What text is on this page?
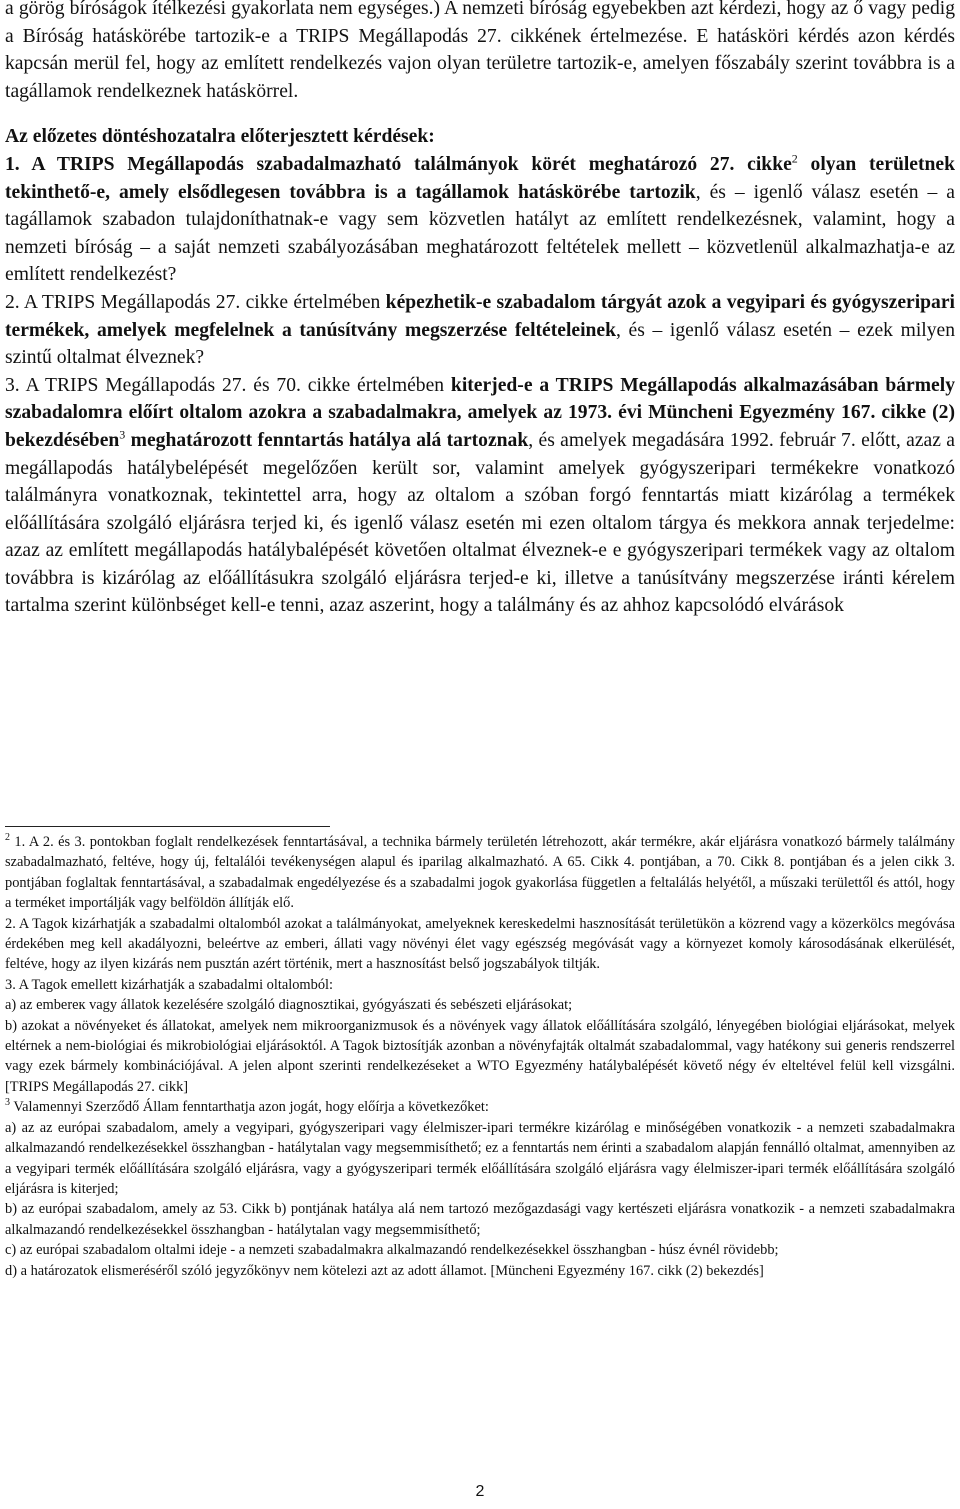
a görög bíróságok ítélkezési gyakorlata nem egységes.) A nemzeti bíróság egyebekben azt kérdezi, hogy az ő vagy pedig a Bíróság hatáskörébe tartozik-e a TRIPS Megállapodás 27. cikkének értelmezése. E hatásköri kérdés azon kérdés kapcsán merül fel, hogy az említett rendelkezés vajon olyan területre tartozik-e, amelyen főszabály szerint továbbra is a tagállamok rendelkeznek hatáskörrel.

Az előzetes döntéshozatalra előterjesztett kérdések:

1. A TRIPS Megállapodás szabadalmazható találmányok körét meghatározó 27. cikke$^2$ olyan területnek tekinthető-e, amely elsődlegesen továbbra is a tagállamok hatáskörébe tartozik, és – igenlő válasz esetén – a tagállamok szabadon tulajdoníthatnak-e vagy sem közvetlen hatályt az említett rendelkezésnek, valamint, hogy a nemzeti bíróság – a saját nemzeti szabályozásában meghatározott feltételek mellett – közvetlenül alkalmazhatja-e az említett rendelkezést?

2. A TRIPS Megállapodás 27. cikke értelmében képezhetik-e szabadalom tárgyát azok a vegyipari és gyógyszeripari termékek, amelyek megfelelnek a tanúsítvány megszerzése feltételeinek, és – igenlő válasz esetén – ezek milyen szintű oltalmat élveznek?

3. A TRIPS Megállapodás 27. és 70. cikke értelmében kiterjed-e a TRIPS Megállapodás alkalmazásában bármely szabadalomra előírt oltalom azokra a szabadalmakra, amelyek az 1973. évi Müncheni Egyezmény 167. cikke (2) bekezdésében$^3$ meghatározott fenntartás hatálya alá tartoznak, és amelyek megadására 1992. február 7. előtt, azaz a megállapodás hatálybelépését megelőzően került sor, valamint amelyek gyógyszeripari termékekre vonatkozó találmányra vonatkoznak, tekintettel arra, hogy az oltalom a szóban forgó fenntartás miatt kizárólag a termékek előállítására szolgáló eljárásra terjed ki, és igenlő válasz esetén mi ezen oltalom tárgya és mekkora annak terjedelme: azaz az említett megállapodás hatálybalépését követően oltalmat élveznek-e e gyógyszeripari termékek vagy az oltalom továbbra is kizárólag az előállításukra szolgáló eljárásra terjed-e ki, illetve a tanúsítvány megszerzése iránti kérelem tartalma szerint különbséget kell-e tenni, azaz aszerint, hogy a találmány és az ahhoz kapcsolódó elvárások

$^2$ 1. A 2. és 3. pontokban foglalt rendelkezések fenntartásával, a technika bármely területén létrehozott, akár termékre, akár eljárásra vonatkozó bármely találmány szabadalmazható, feltéve, hogy új, feltalálói tevékenységen alapul és iparilag alkalmazható. A 65. Cikk 4. pontjában, a 70. Cikk 8. pontjában és a jelen cikk 3. pontjában foglaltak fenntartásával, a szabadalmak engedélyezése és a szabadalmi jogok gyakorlása független a feltalálás helyétől, a műszaki területtől és attól, hogy a terméket importálják vagy belföldön állítják elő.

2. A Tagok kizárhatják a szabadalmi oltalomból azokat a találmányokat, amelyeknek kereskedelmi hasznosítását területükön a közrend vagy a közerkölcs megóvása érdekében meg kell akadályozni, beleértve az emberi, állati vagy növényi élet vagy egészség megóvását vagy a környezet komoly károsodásának elkerülését, feltéve, hogy az ilyen kizárás nem pusztán azért történik, mert a hasznosítást belső jogszabályok tiltják.

3. A Tagok emellett kizárhatják a szabadalmi oltalomból:

a) az embereк vagy állatok kezelésére szolgáló diagnosztikai, gyógyászati és sebészeti eljárásokat;

b) azokat a növényeket és állatokat, amelyek nem mikroorganizmusok és a növények vagy állatok előállítására szolgáló, lényegében biológiai eljárásokat, melyek eltérnek a nem-biológiai és mikrobiológiai eljárásoktól. A Tagok biztosítják azonban a növényfajták oltalmát szabadalommal, vagy hatékony sui generis rendszerrel vagy ezek bármely kombinációjával. A jelen alpont szerinti rendelkezéseket a WTO Egyezmény hatálybalépését követő négy év elteltével felül kell vizsgálni. [TRIPS Megállapodás 27. cikk]

$^3$ Valamennyi Szerződő Állam fenntarthatja azon jogát, hogy előírja a következőket:

a) az az európai szabadalom, amely a vegyipari, gyógyszeripari vagy élelmiszer-ipari termékre kizárólag e minőségében vonatkozik - a nemzeti szabadalmakra alkalmazandó rendelkezésekkel összhangban - hatálytalan vagy megsemmisíthető; ez a fenntartás nem érinti a szabadalom alapján fennálló oltalmat, amennyiben az a vegyipari termék előállítására szolgáló eljárásra, vagy a gyógyszeripari termék előállítására szolgáló eljárásra vagy élelmiszer-ipari termék előállítására szolgáló eljárásra is kiterjed;

b) az európai szabadalom, amely az 53. Cikk b) pontjának hatálya alá nem tartozó mezőgazdasági vagy kertészeti eljárásra vonatkozik - a nemzeti szabadalmakra alkalmazandó rendelkezésekkel összhangban - hatálytalan vagy megsemmisíthető;

c) az európai szabadalom oltalmi ideje - a nemzeti szabadalmakra alkalmazandó rendelkezésekkel összhangban - húsz évnél rövidebb;

d) a határozatok elismeréséről szóló jegyzőkönyv nem kötelezi azt az adott államot. [Müncheni Egyezmény 167. cikk (2) bekezdés]

2
